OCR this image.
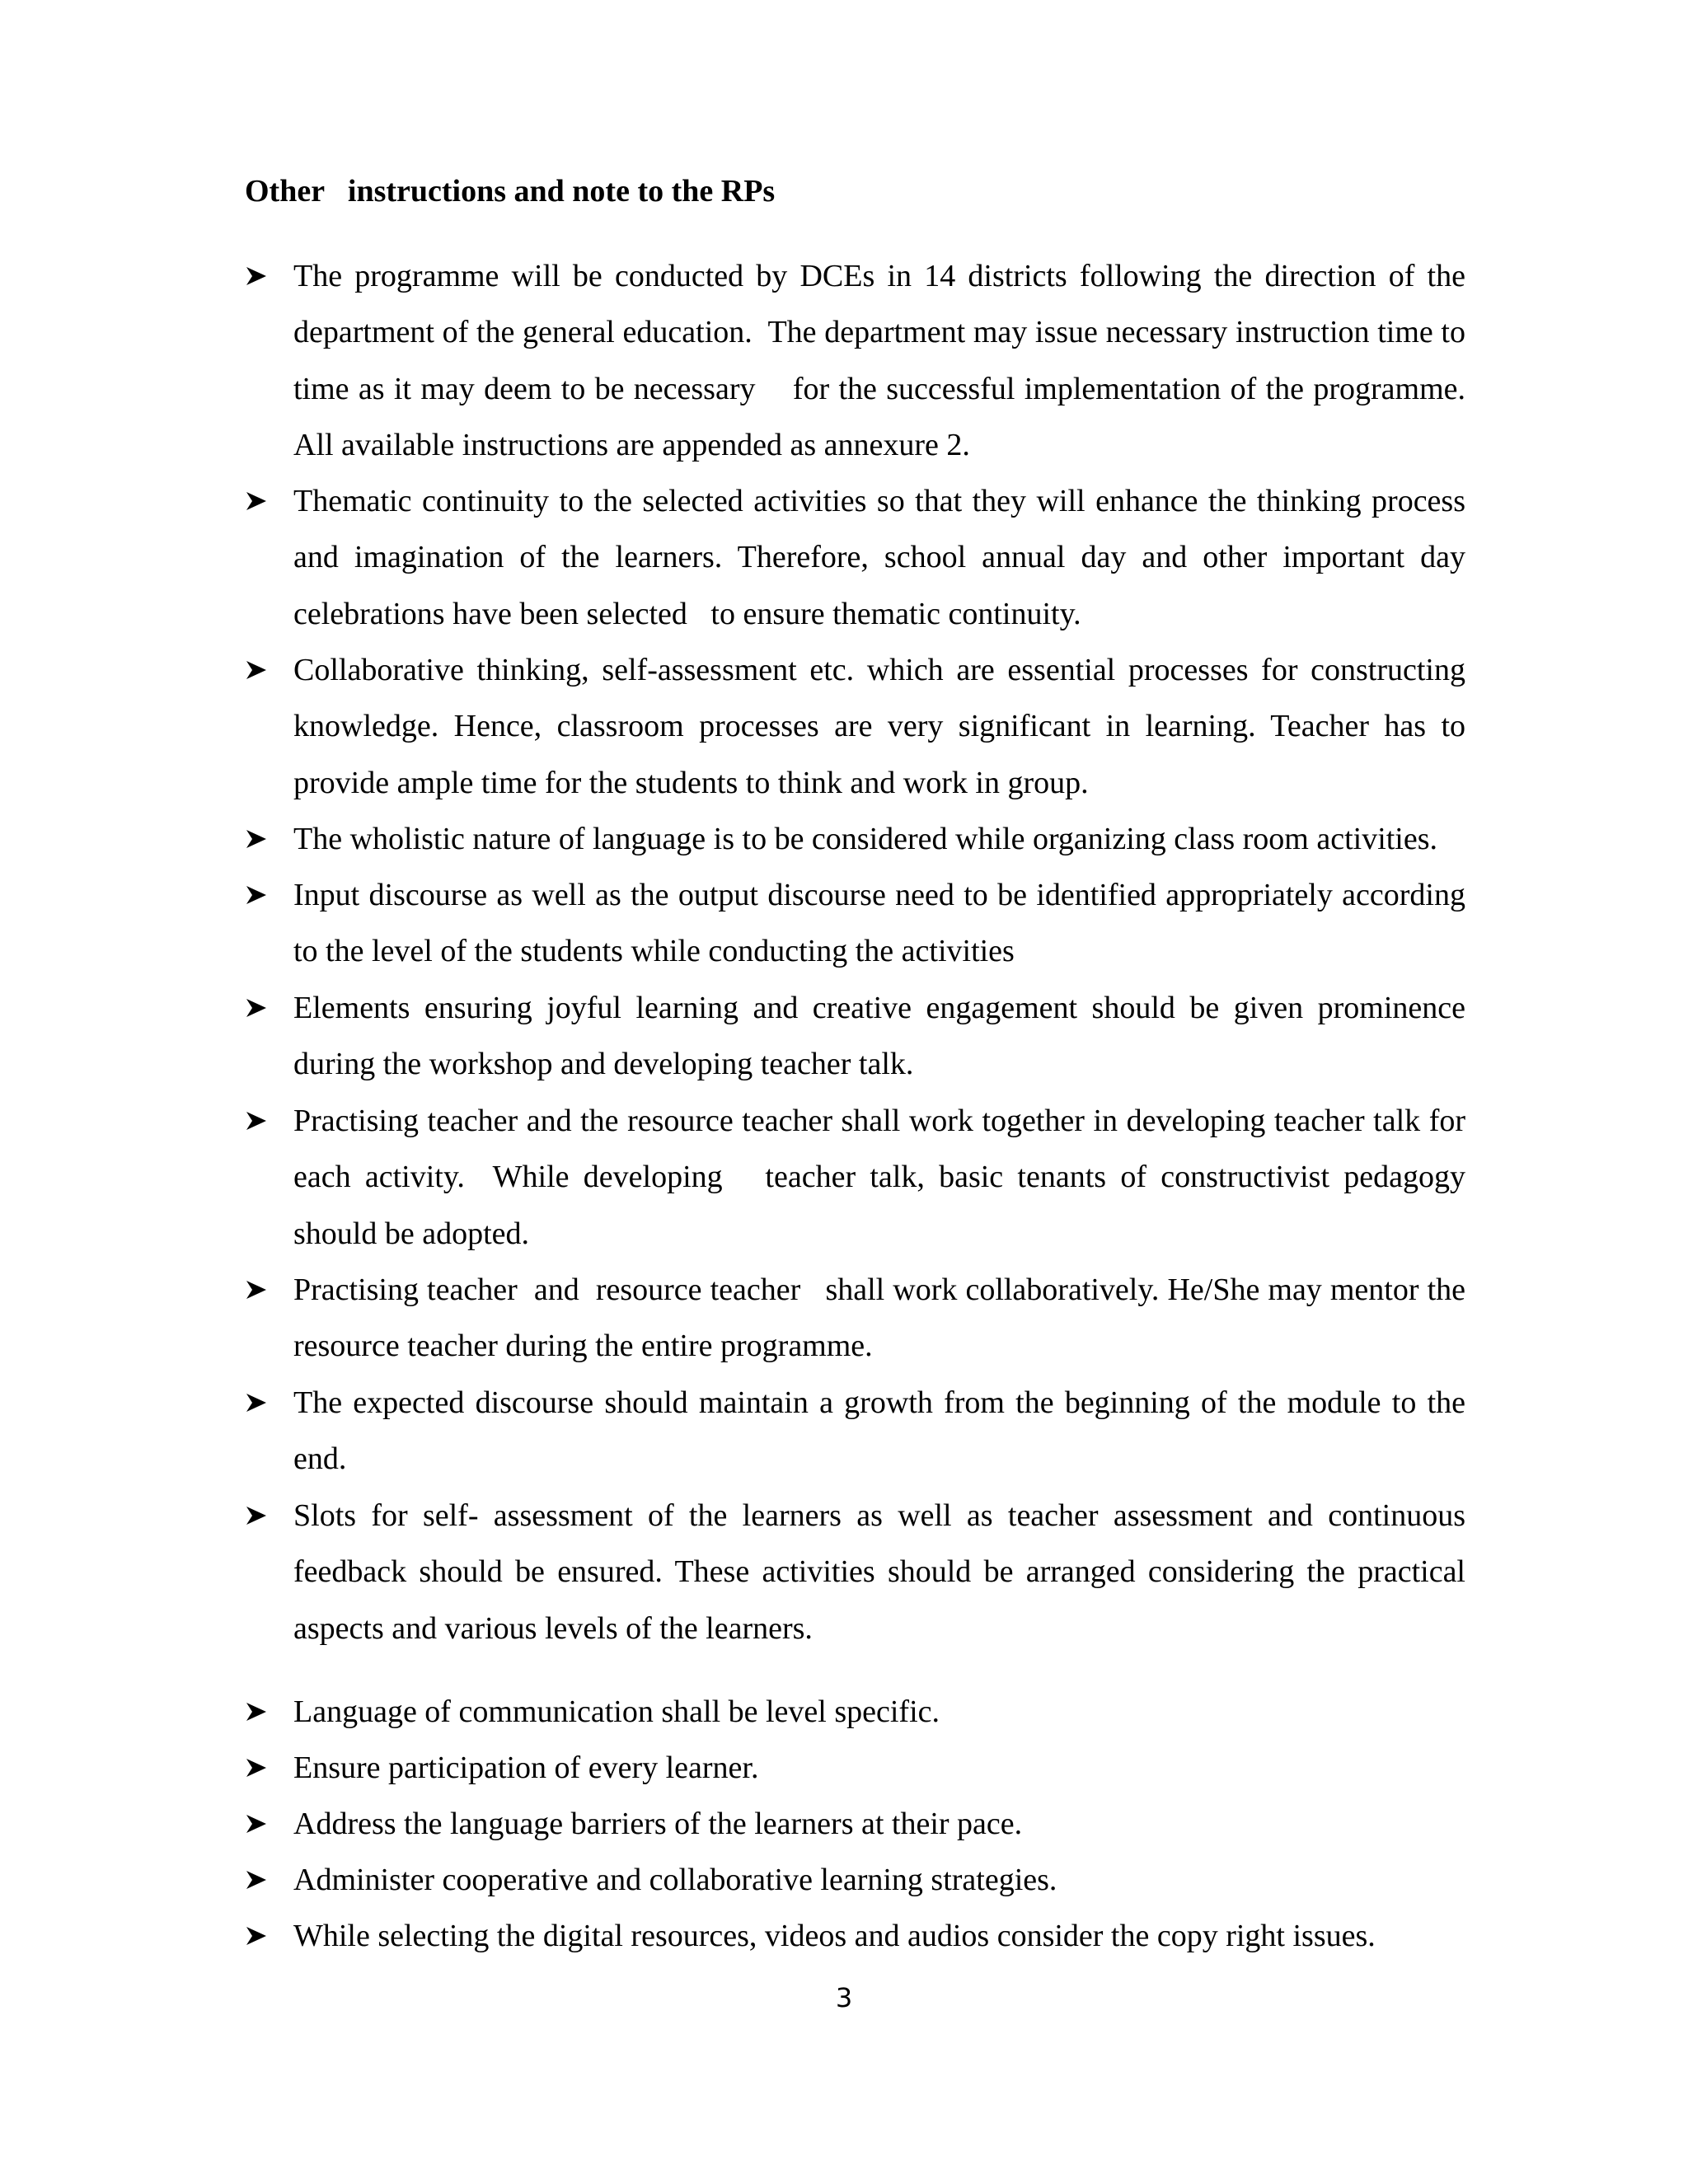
Other   instructions and note to the RPs
The programme will be conducted by DCEs in 14 districts following the direction of the department of the general education.  The department may issue necessary instruction time to time as it may deem to be necessary    for the successful implementation of the programme.   All available instructions are appended as annexure 2.
Thematic continuity to the selected activities so that they will enhance the thinking process and imagination of the learners. Therefore, school annual day and other important day celebrations have been selected   to ensure thematic continuity.
Collaborative thinking, self-assessment etc. which are essential processes for constructing knowledge. Hence, classroom processes are very significant in learning. Teacher has to provide ample time for the students to think and work in group.
The wholistic nature of language is to be considered while organizing class room activities.
Input discourse as well as the output discourse need to be identified appropriately according to the level of the students while conducting the activities
Elements ensuring joyful learning and creative engagement should be given prominence during the workshop and developing teacher talk.
Practising teacher and the resource teacher shall work together in developing teacher talk for each activity.  While developing   teacher talk, basic tenants of constructivist pedagogy should be adopted.
Practising teacher  and  resource teacher   shall work collaboratively. He/She may mentor the resource teacher during the entire programme.
The expected discourse should maintain a growth from the beginning of the module to the end.
Slots for self- assessment of the learners as well as teacher assessment and continuous feedback should be ensured. These activities should be arranged considering the practical aspects and various levels of the learners.
Language of communication shall be level specific.
Ensure participation of every learner.
Address the language barriers of the learners at their pace.
Administer cooperative and collaborative learning strategies.
While selecting the digital resources, videos and audios consider the copy right issues.
3
